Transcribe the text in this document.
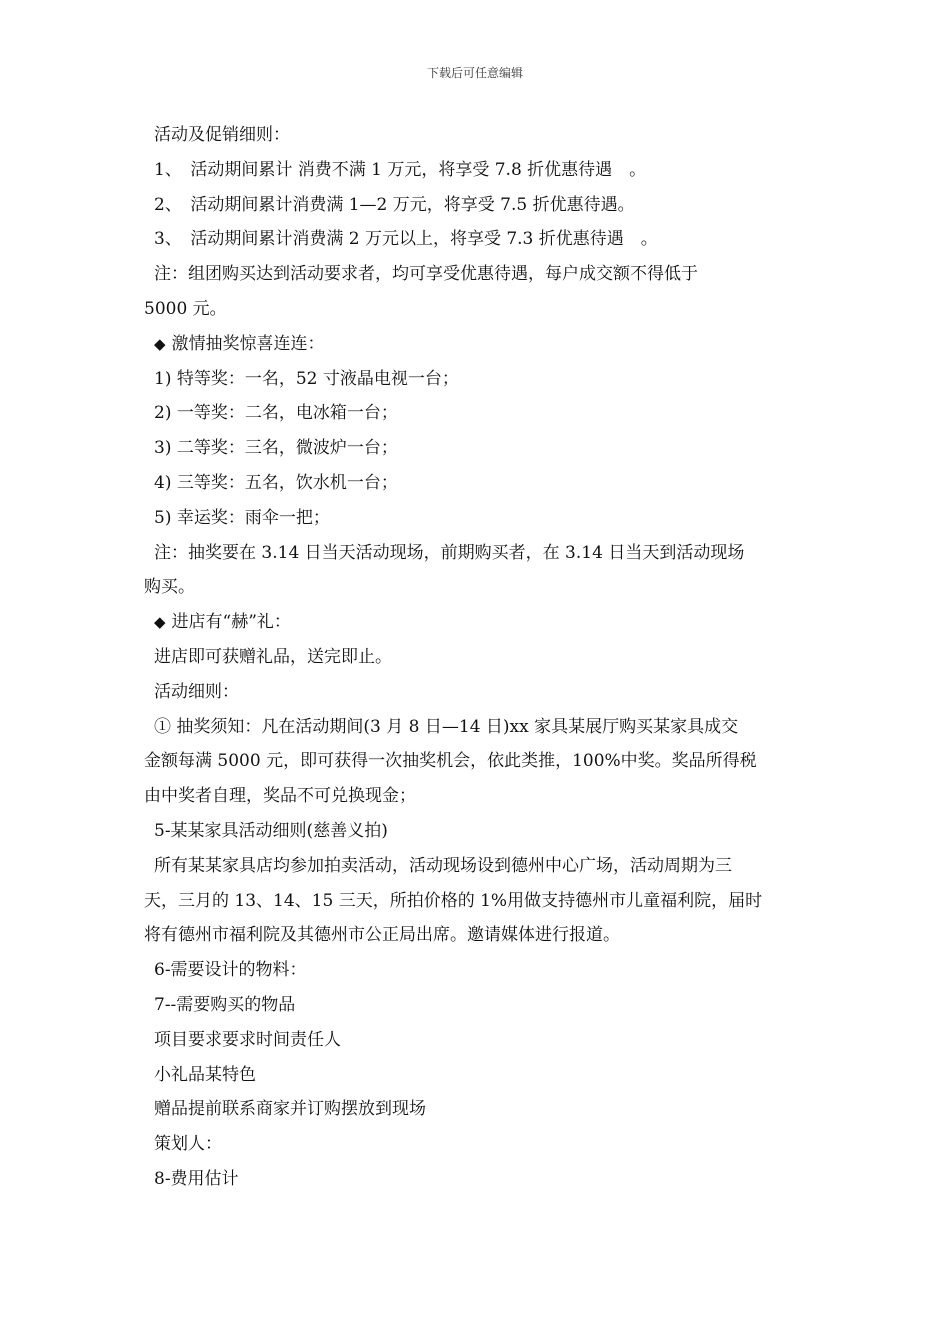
下载后可任意编辑
活动及促销细则：
1、　活动期间累计 消费不满 1 万元，将享受 7.8 折优惠待遇　。
2、　活动期间累计消费满 1—2 万元，将享受 7.5 折优惠待遇。
3、　活动期间累计消费满 2 万元以上，将享受 7.3 折优惠待遇　。
注：组团购买达到活动要求者，均可享受优惠待遇，每户成交额不得低于
5000 元。
◆ 激情抽奖惊喜连连：
1) 特等奖：一名，52 寸液晶电视一台；
2) 一等奖：二名，电冰箱一台；
3) 二等奖：三名，微波炉一台；
4) 三等奖：五名，饮水机一台；
5) 幸运奖：雨伞一把；
注：抽奖要在 3.14 日当天活动现场，前期购买者，在 3.14 日当天到活动现场
购买。
◆ 进店有“赫”礼：
进店即可获赠礼品，送完即止。
活动细则：
① 抽奖须知：凡在活动期间(3 月 8 日—14 日)xx 家具某展厅购买某家具成交
金额每满 5000 元，即可获得一次抽奖机会，依此类推，100%中奖。奖品所得税
由中奖者自理，奖品不可兑换现金；
5-某某家具活动细则(慈善义拍)
所有某某家具店均参加拍卖活动，活动现场设到德州中心广场，活动周期为三
天，三月的 13、14、15 三天，所拍价格的 1%用做支持德州市儿童福利院，届时
将有德州市福利院及其德州市公正局出席。邀请媒体进行报道。
6-需要设计的物料：
7--需要购买的物品
项目要求要求时间责任人
小礼品某特色
赠品提前联系商家并订购摆放到现场
策划人：
8-费用估计
